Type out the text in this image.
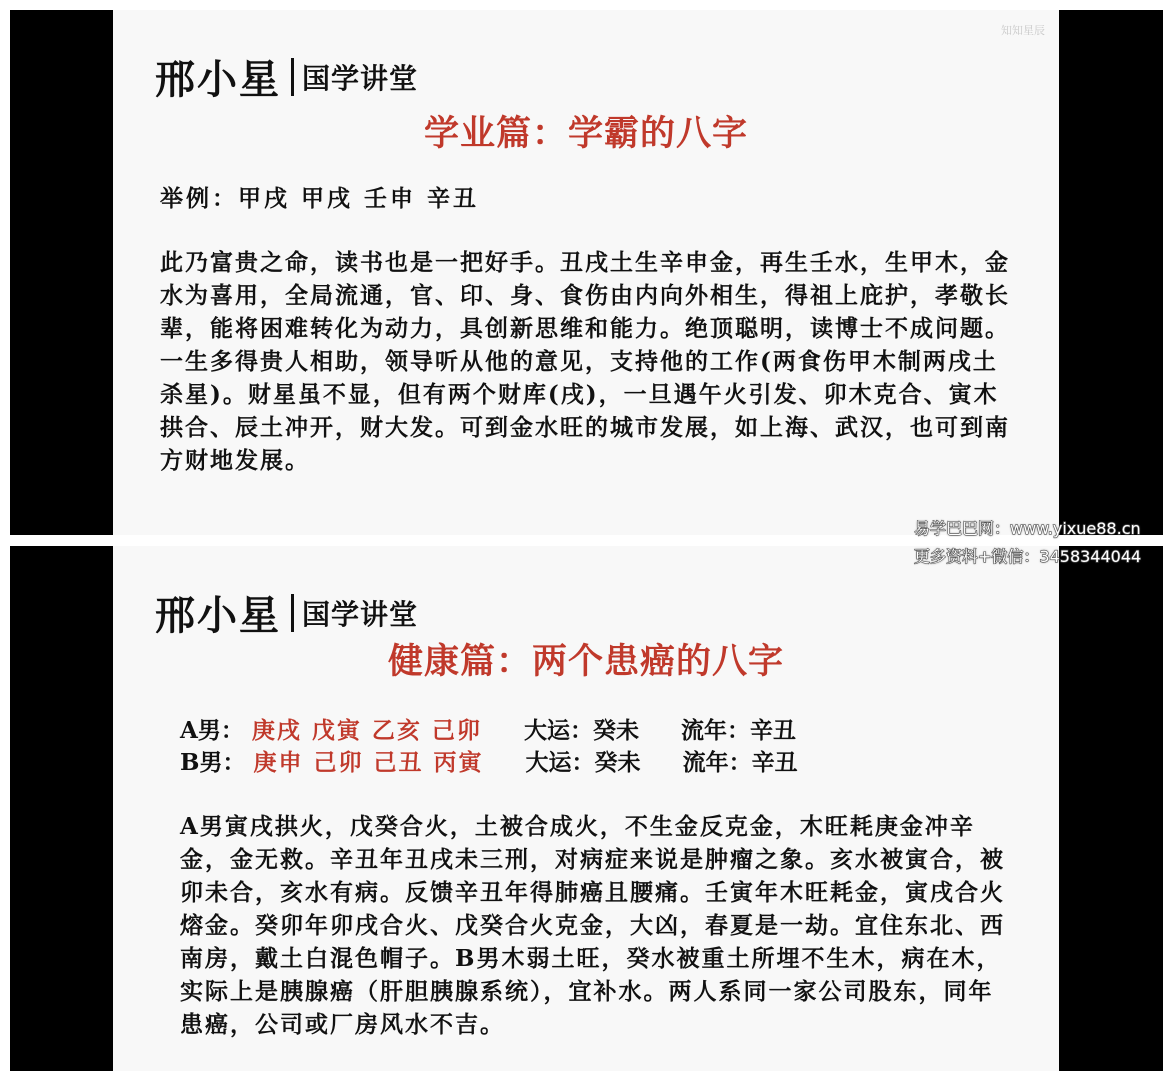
知知星辰
邢小星 国学讲堂
学业篇：学霸的八字
举例：甲戌 甲戌 壬申 辛丑

此乃富贵之命，读书也是一把好手。丑戌土生辛申金，再生壬水，生甲木，金水为喜用，全局流通，官、印、身、食伤由内向外相生，得祖上庇护，孝敬长辈，能将困难转化为动力，具创新思维和能力。绝顶聪明，读博士不成问题。一生多得贵人相助，领导听从他的意见，支持他的工作(两食伤甲木制两戌土杀星)。财星虽不显，但有两个财库(戌)，一旦遇午火引发、卯木克合、寅木拱合、辰土冲开，财大发。可到金水旺的城市发展，如上海、武汉，也可到南方财地发展。

邢小星 国学讲堂
健康篇：两个患癌的八字
A男： 庚戌 戊寅 乙亥 己卯 大运：癸未 流年：辛丑
B男： 庚申 己卯 己丑 丙寅 大运：癸未 流年：辛丑

A男寅戌拱火，戊癸合火，土被合成火，不生金反克金，木旺耗庚金冲辛金，金无救。辛丑年丑戌未三刑，对病症来说是肿瘤之象。亥水被寅合，被卯未合，亥水有病。反馈辛丑年得肺癌且腰痛。壬寅年木旺耗金，寅戌合火熔金。癸卯年卯戌合火、戊癸合火克金，大凶，春夏是一劫。宜住东北、西南房，戴土白混色帽子。B男木弱土旺，癸水被重土所埋不生木，病在木，实际上是胰腺癌（肝胆胰腺系统），宜补水。两人系同一家公司股东，同年患癌，公司或厂房风水不吉。

易学巴巴网：www.yixue88.cn
更多资料+微信：3458344044
